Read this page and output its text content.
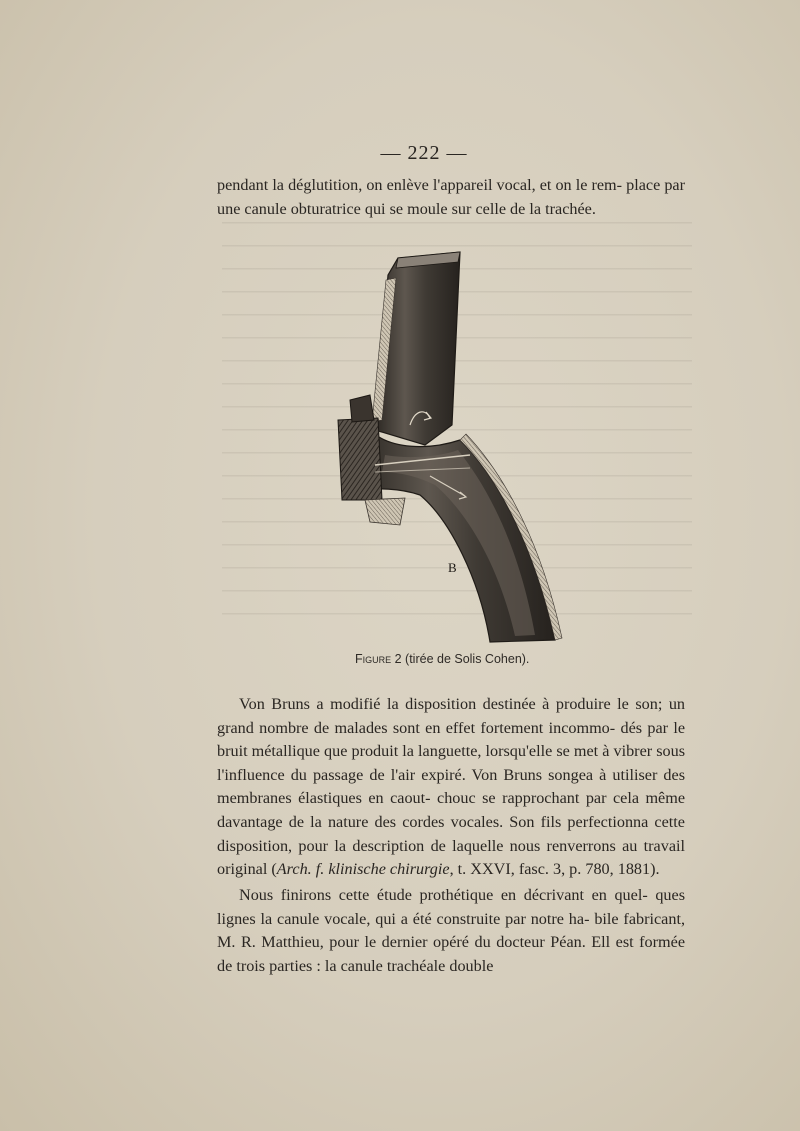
— 222 —

pendant la déglutition, on enlève l'appareil vocal, et on le rem- place par une canule obturatrice qui se moule sur celle de la trachée.

B
Figure 2 (tirée de Solis Cohen).

Von Bruns a modifié la disposition destinée à produire le son; un grand nombre de malades sont en effet fortement incommo- dés par le bruit métallique que produit la languette, lorsqu'elle se met à vibrer sous l'influence du passage de l'air expiré. Von Bruns songea à utiliser des membranes élastiques en caout- chouc se rapprochant par cela même davantage de la nature des cordes vocales. Son fils perfectionna cette disposition, pour la description de laquelle nous renverrons au travail original (Arch. f. klinische chirurgie, t. XXVI, fasc. 3, p. 780, 1881).

Nous finirons cette étude prothétique en décrivant en quel- ques lignes la canule vocale, qui a été construite par notre ha- bile fabricant, M. R. Matthieu, pour le dernier opéré du docteur Péan. Ell est formée de trois parties : la canule trachéale double
